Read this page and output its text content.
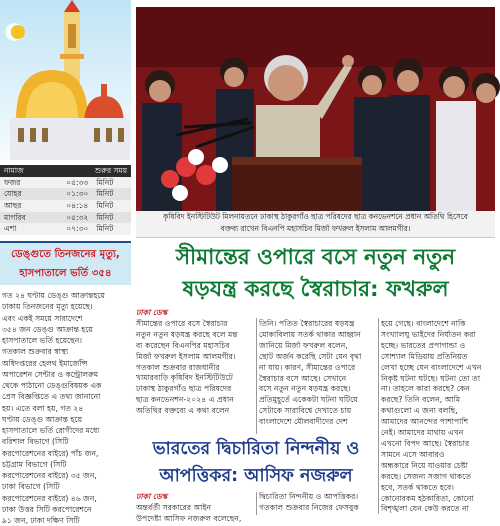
নামাজ	শুরুর সময়	
ফজর	০৫:৩৩	মিনিট
যোহর	০১:৩০	মিনিট
আছর	০৪:১৪	মিনিট
মাগরিব	০৫:৩২	মিনিট
এশা	০৭:৩০	মিনিট
ডেঙ্গুতে তিনজনের মৃত্যু,
হাসপাতালে ভর্তি ৩৫৪
গত ২৪ ঘণ্টায় ডেঙ্গু আক্রান্তহয়ে
ঢাকায় তিনজনের মৃত্যু হয়েছে।
এবং একই সময়ে সারাদেশে
৩৫৪ জন ডেঙ্গু আক্রান্ত হয়ে
হাসপাতালে ভর্তি হয়েছেন।
গতকাল শুক্রবার স্বাস্থ্য
অধিদপ্তরের হেলথ ইমার্জেন্সি
অপারেশন সেন্টার ও কন্ট্রোলরুম
থেকে পাঠানো ডেঙ্গুবিষয়ক এক
প্রেস বিজ্ঞপ্তিতে এ তথ্য জানানো
হয়। এতে বলা হয়, গত ২৪
ঘণ্টায় ডেঙ্গু আক্রান্ত হয়ে
হাসপাতালে ভর্তি রোগীদের মধ্যে
বরিশাল বিভাগে (সিটি
করপোরেশনের বাইরে) পাঁচ জন,
চট্টগ্রাম বিভাগে (সিটি
করপোরেশনের বাইরে) ৩৫ জন,
ঢাকা বিভাগে (সিটি
করপোরেশনের বাইরে) ৪৬ জন,
ঢাকা উত্তর সিটি করপোরেশনে
৯১ জন, ঢাকা দক্ষিণ সিটি
কৃষিবিদ ইনস্টিটিউট মিলনায়তনে ঢাকাস্থ ঠাকুরগাঁও ছাত্র পরিষদের ছাত্র কনভেনশনে প্রধান অতিথি হিসেবে
বক্তব্য রাখেন বিএনপি মহাসচিব মির্জা ফখরুল ইসলাম আলমগীর।
সীমান্তের ওপারে বসে নতুন নতুন
ষড়যন্ত্র করছে স্বৈরাচার: ফখরুল
ঢাকা ডেস্ক
সীমান্তের ওপারে বসে স্বৈরাচার
নতুন নতুন ষড়যন্ত্র করছে বলে মন্ত
ব্য করেছেন বিএনপির মহাসচিব
মির্জা ফখরুল ইসলাম আলমগীর।
গতকাল শুক্রবার রাজধানীর
খামারবাড়ি কৃষিবিদ ইনস্টিটিউটে
ঢাকাস্থ ঠাকুরগাঁও ছাত্র পরিষদের
ছাত্র কনভেনশন-২০২৪ এ প্রধান
অতিথির বক্তব্যে এ কথা বলেন
তিনি। পতিত স্বৈরাচারের ষড়যন্ত্র
মোকাবিলায় সতর্ক থাকার আহ্বান
জানিয়ে মির্জা ফখরুল বলেন,
ছোট অর্জন করেছি সেটা যেন বৃথা
না যায়। কারণ, সীমান্তের ওপারে
স্বৈরাচার বসে আছে। সেখানে
বসে নতুন নতুন ষড়যন্ত্র করছে।
প্রতিমুহূর্তে একেকটা ঘটনা ঘটিয়ে
সেটাকে সারাবিশ্বে দেখাতে চায়
বাংলাদেশে মৌলবাদীদের দেশ
হয়ে গেছে। বাংলাদেশে নাকি
সংখ্যালঘু ভাইদের নির্যাতন করা
হচ্ছে। ভারতের প্রপাগান্ডা ও
সোশ্যাল মিডিয়ায় প্রতিনিয়ত
লেখা হচ্ছে যেন বাংলাদেশে এখন
নিকৃষ্ট ঘটনা ঘটছে। ঘটনা তো তা
না। তাহলে কারা করছে? কেন
করছে? তিনি বলেন, আমি
কথাগুলো এ জন্য বলছি,
আমাদের আনন্দের পাশাপাশি
নেই। আমাদের মাথায় এখন
এখনো বিপদ আছে। স্বৈরাচার
সামনে এসে আবারও
অন্ধকারে নিয়ে যাওয়ার চেষ্টা
করছে। সেজন্য সজাগ থাকতে
হবে, সতর্ক থাকতে হবে।
কোনোরকম হঠকারিতা, কোনো
বিশৃঙ্খলা যেন কেউ করতে না
ভারতের দ্বিচারিতা নিন্দনীয় ও
আপত্তিকর: আসিফ নজরুল
ঢাকা ডেস্ক
অন্তর্বর্তী সরকারের আইন
উপদেষ্টা আসিফ নজরুল বলেছেন,
দ্বিচারিতা নিন্দনীয় ও আপত্তিকর।
গতকাল শুক্রবার নিজের ফেসবুক
